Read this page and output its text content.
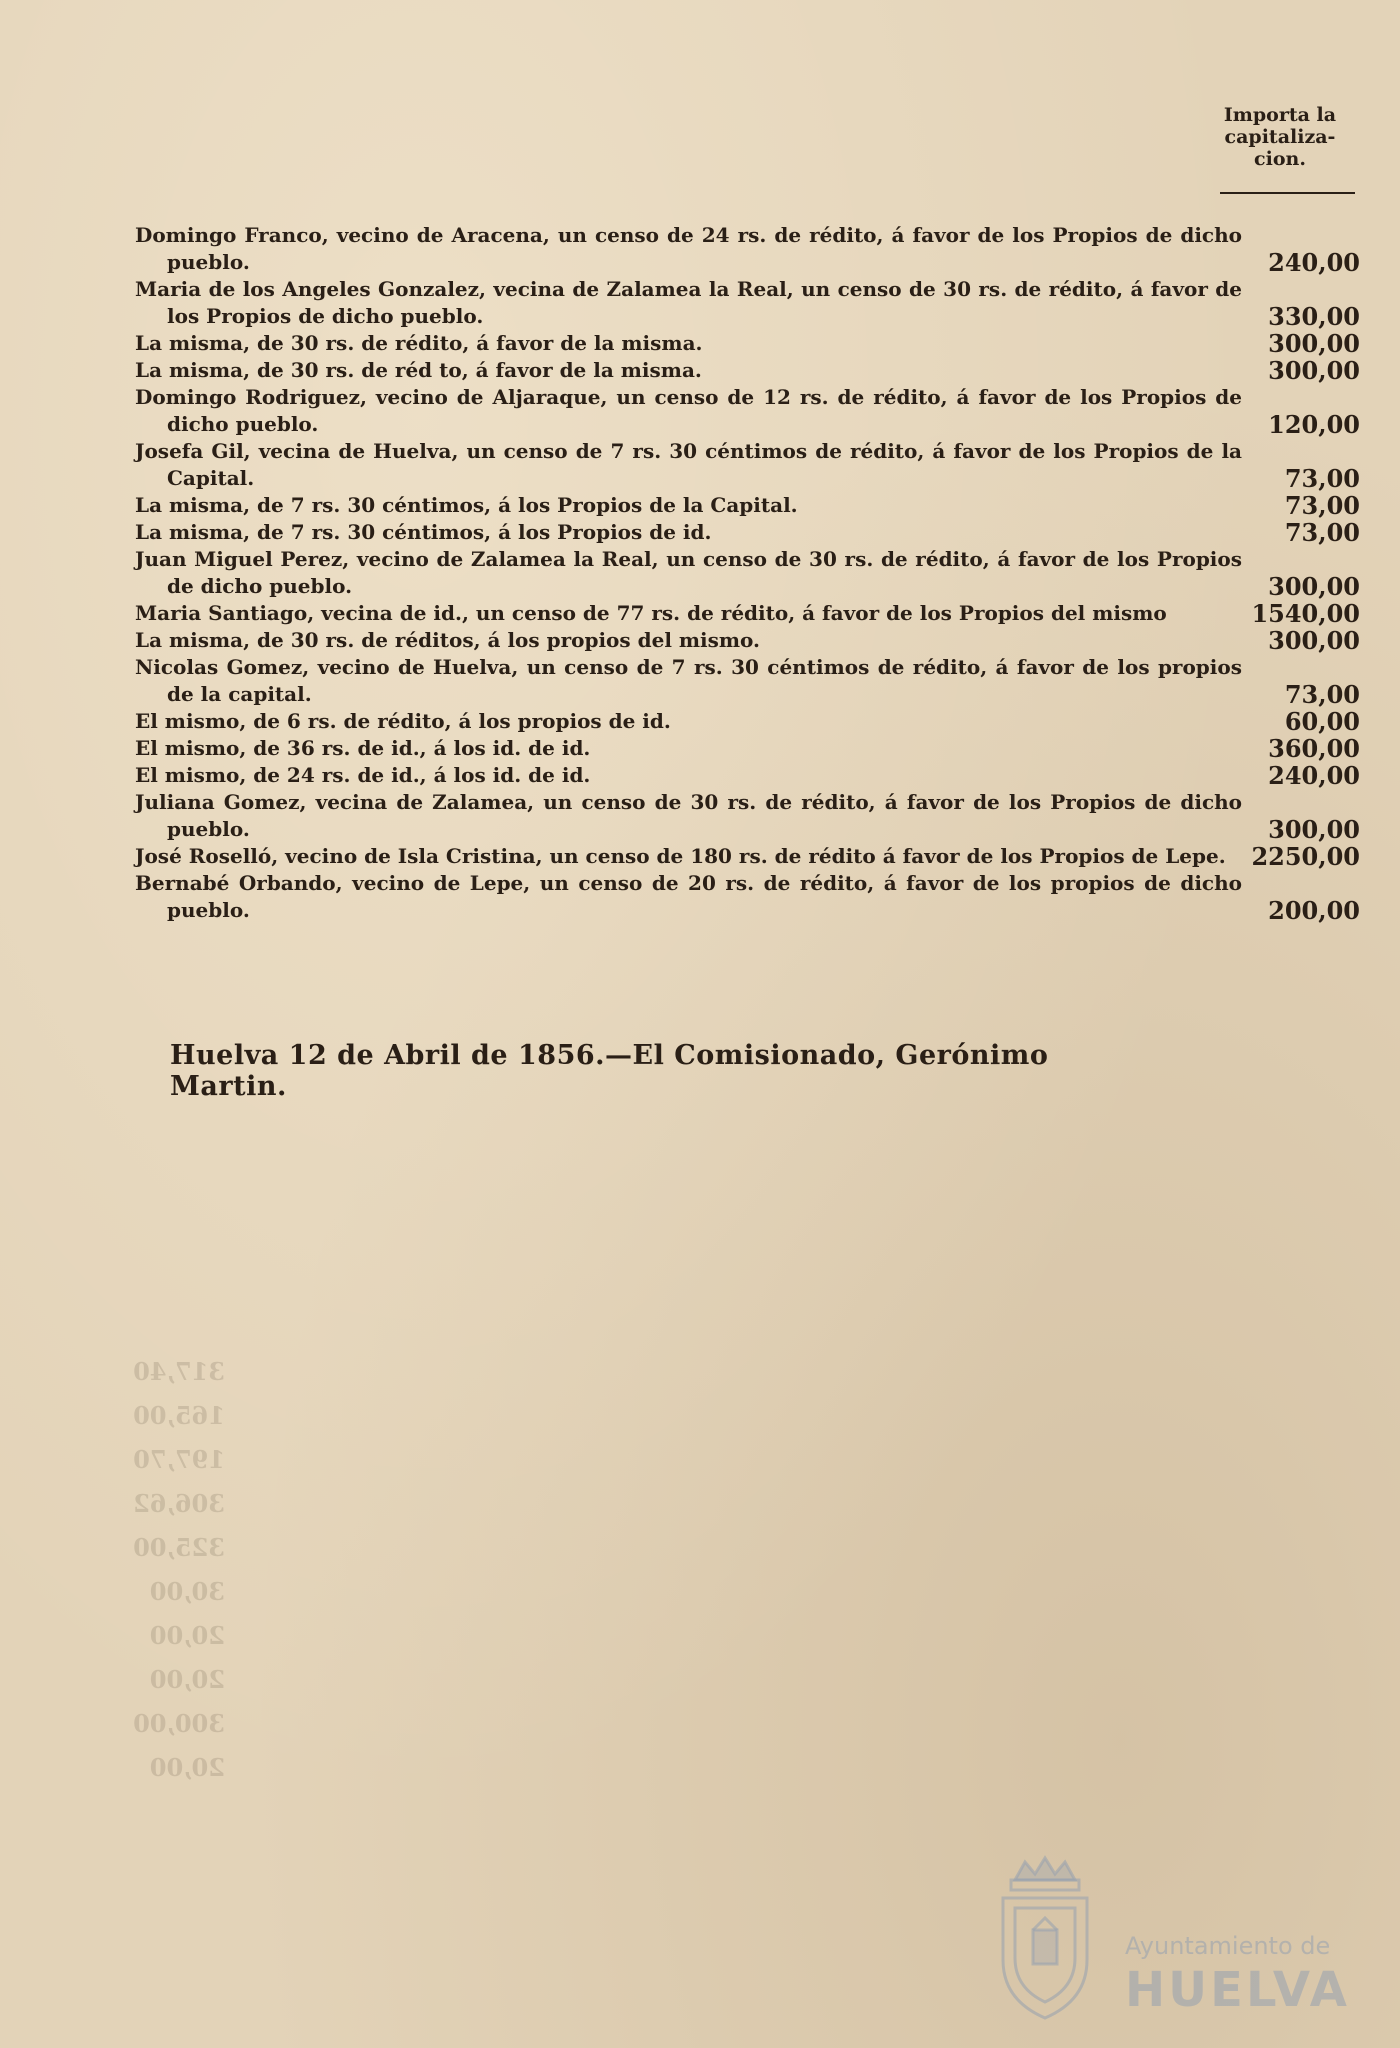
Importa la capitaliza-cion.
Domingo Franco, vecino de Aracena, un censo de 24 rs. de rédito, á favor de los Propios de dicho pueblo.	240,00
Maria de los Angeles Gonzalez, vecina de Zalamea la Real, un censo de 30 rs. de rédito, á favor de los Propios de dicho pueblo.	330,00
La misma, de 30 rs. de rédito, á favor de la misma.	300,00
La misma, de 30 rs. de réd to, á favor de la misma.	300,00
Domingo Rodriguez, vecino de Aljaraque, un censo de 12 rs. de rédito, á favor de los Propios de dicho pueblo.	120,00
Josefa Gil, vecina de Huelva, un censo de 7 rs. 30 céntimos de rédito, á favor de los Propios de la Capital.	73,00
La misma, de 7 rs. 30 céntimos, á los Propios de la Capital.	73,00
La misma, de 7 rs. 30 céntimos, á los Propios de id.	73,00
Juan Miguel Perez, vecino de Zalamea la Real, un censo de 30 rs. de rédito, á favor de los Propios de dicho pueblo.	300,00
Maria Santiago, vecina de id., un censo de 77 rs. de rédito, á favor de los Propios del mismo	1540,00
La misma, de 30 rs. de réditos, á los propios del mismo.	300,00
Nicolas Gomez, vecino de Huelva, un censo de 7 rs. 30 céntimos de rédito, á favor de los propios de la capital.	73,00
El mismo, de 6 rs. de rédito, á los propios de id.	60,00
El mismo, de 36 rs. de id., á los id. de id.	360,00
El mismo, de 24 rs. de id., á los id. de id.	240,00
Juliana Gomez, vecina de Zalamea, un censo de 30 rs. de rédito, á favor de los Propios de dicho pueblo.	300,00
José Roselló, vecino de Isla Cristina, un censo de 180 rs. de rédito á favor de los Propios de Lepe.	2250,00
Bernabé Orbando, vecino de Lepe, un censo de 20 rs. de rédito, á favor de los propios de dicho pueblo.	200,00
Huelva 12 de Abril de 1856.—El Comisionado, Gerónimo Martin.
317,40
165,00
197,70
306,62
325,00
30,00
20,00
20,00
300,00
20,00
Ayuntamiento de
HUELVA
